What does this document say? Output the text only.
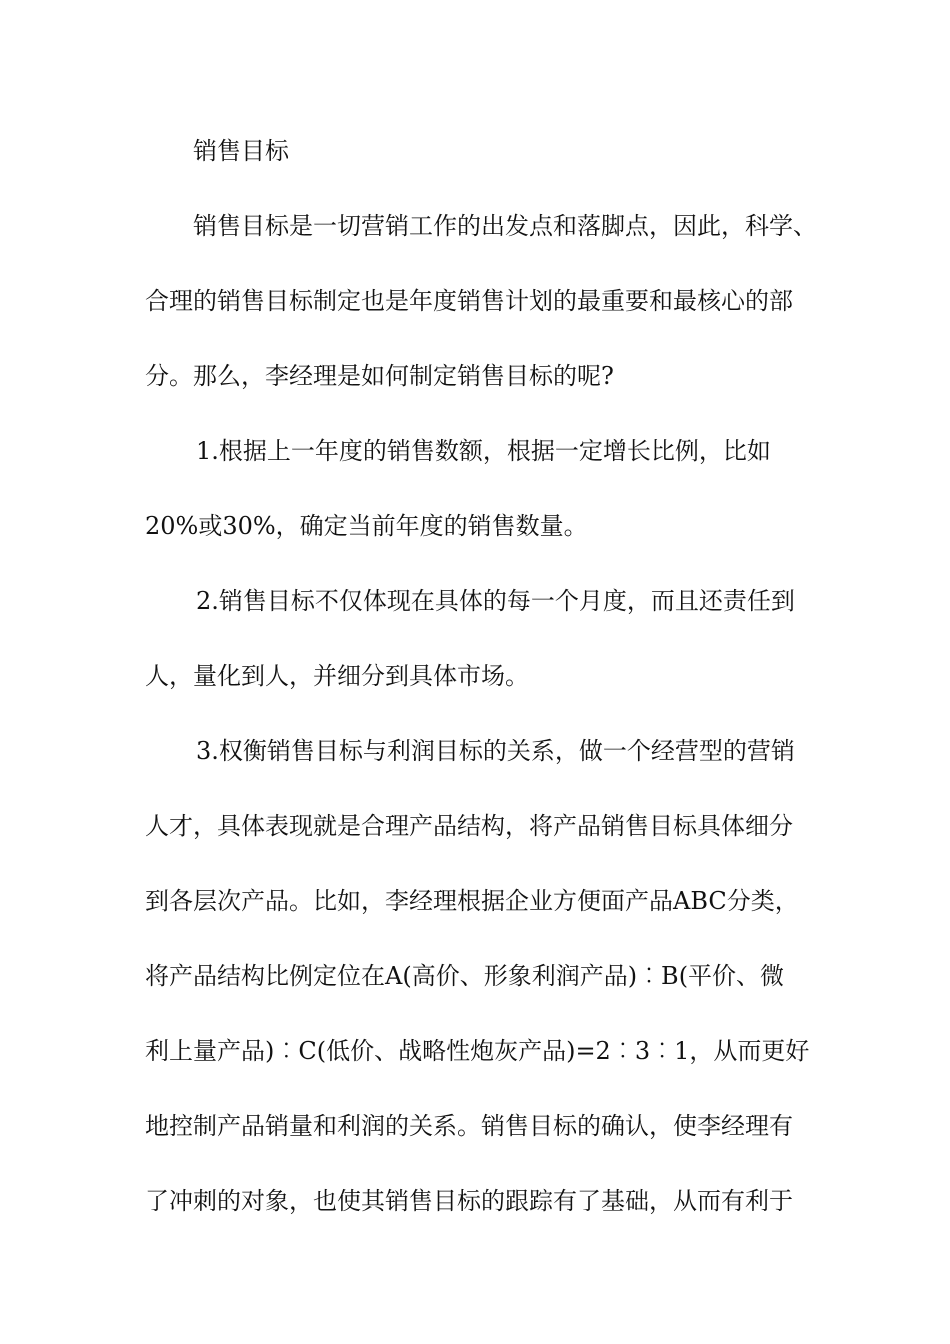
销售目标
销售目标是一切营销工作的出发点和落脚点，因此，科学、
合理的销售目标制定也是年度销售计划的最重要和最核心的部
分。那么，李经理是如何制定销售目标的呢?
1.根据上一年度的销售数额，根据一定增长比例，比如
20%或30%，确定当前年度的销售数量。
2.销售目标不仅体现在具体的每一个月度，而且还责任到
人，量化到人，并细分到具体市场。
3.权衡销售目标与利润目标的关系，做一个经营型的营销
人才，具体表现就是合理产品结构，将产品销售目标具体细分
到各层次产品。比如，李经理根据企业方便面产品ABC分类，
将产品结构比例定位在A(高价、形象利润产品)︰B(平价、微
利上量产品)︰C(低价、战略性炮灰产品)=2︰3︰1，从而更好
地控制产品销量和利润的关系。销售目标的确认，使李经理有
了冲刺的对象，也使其销售目标的跟踪有了基础，从而有利于
